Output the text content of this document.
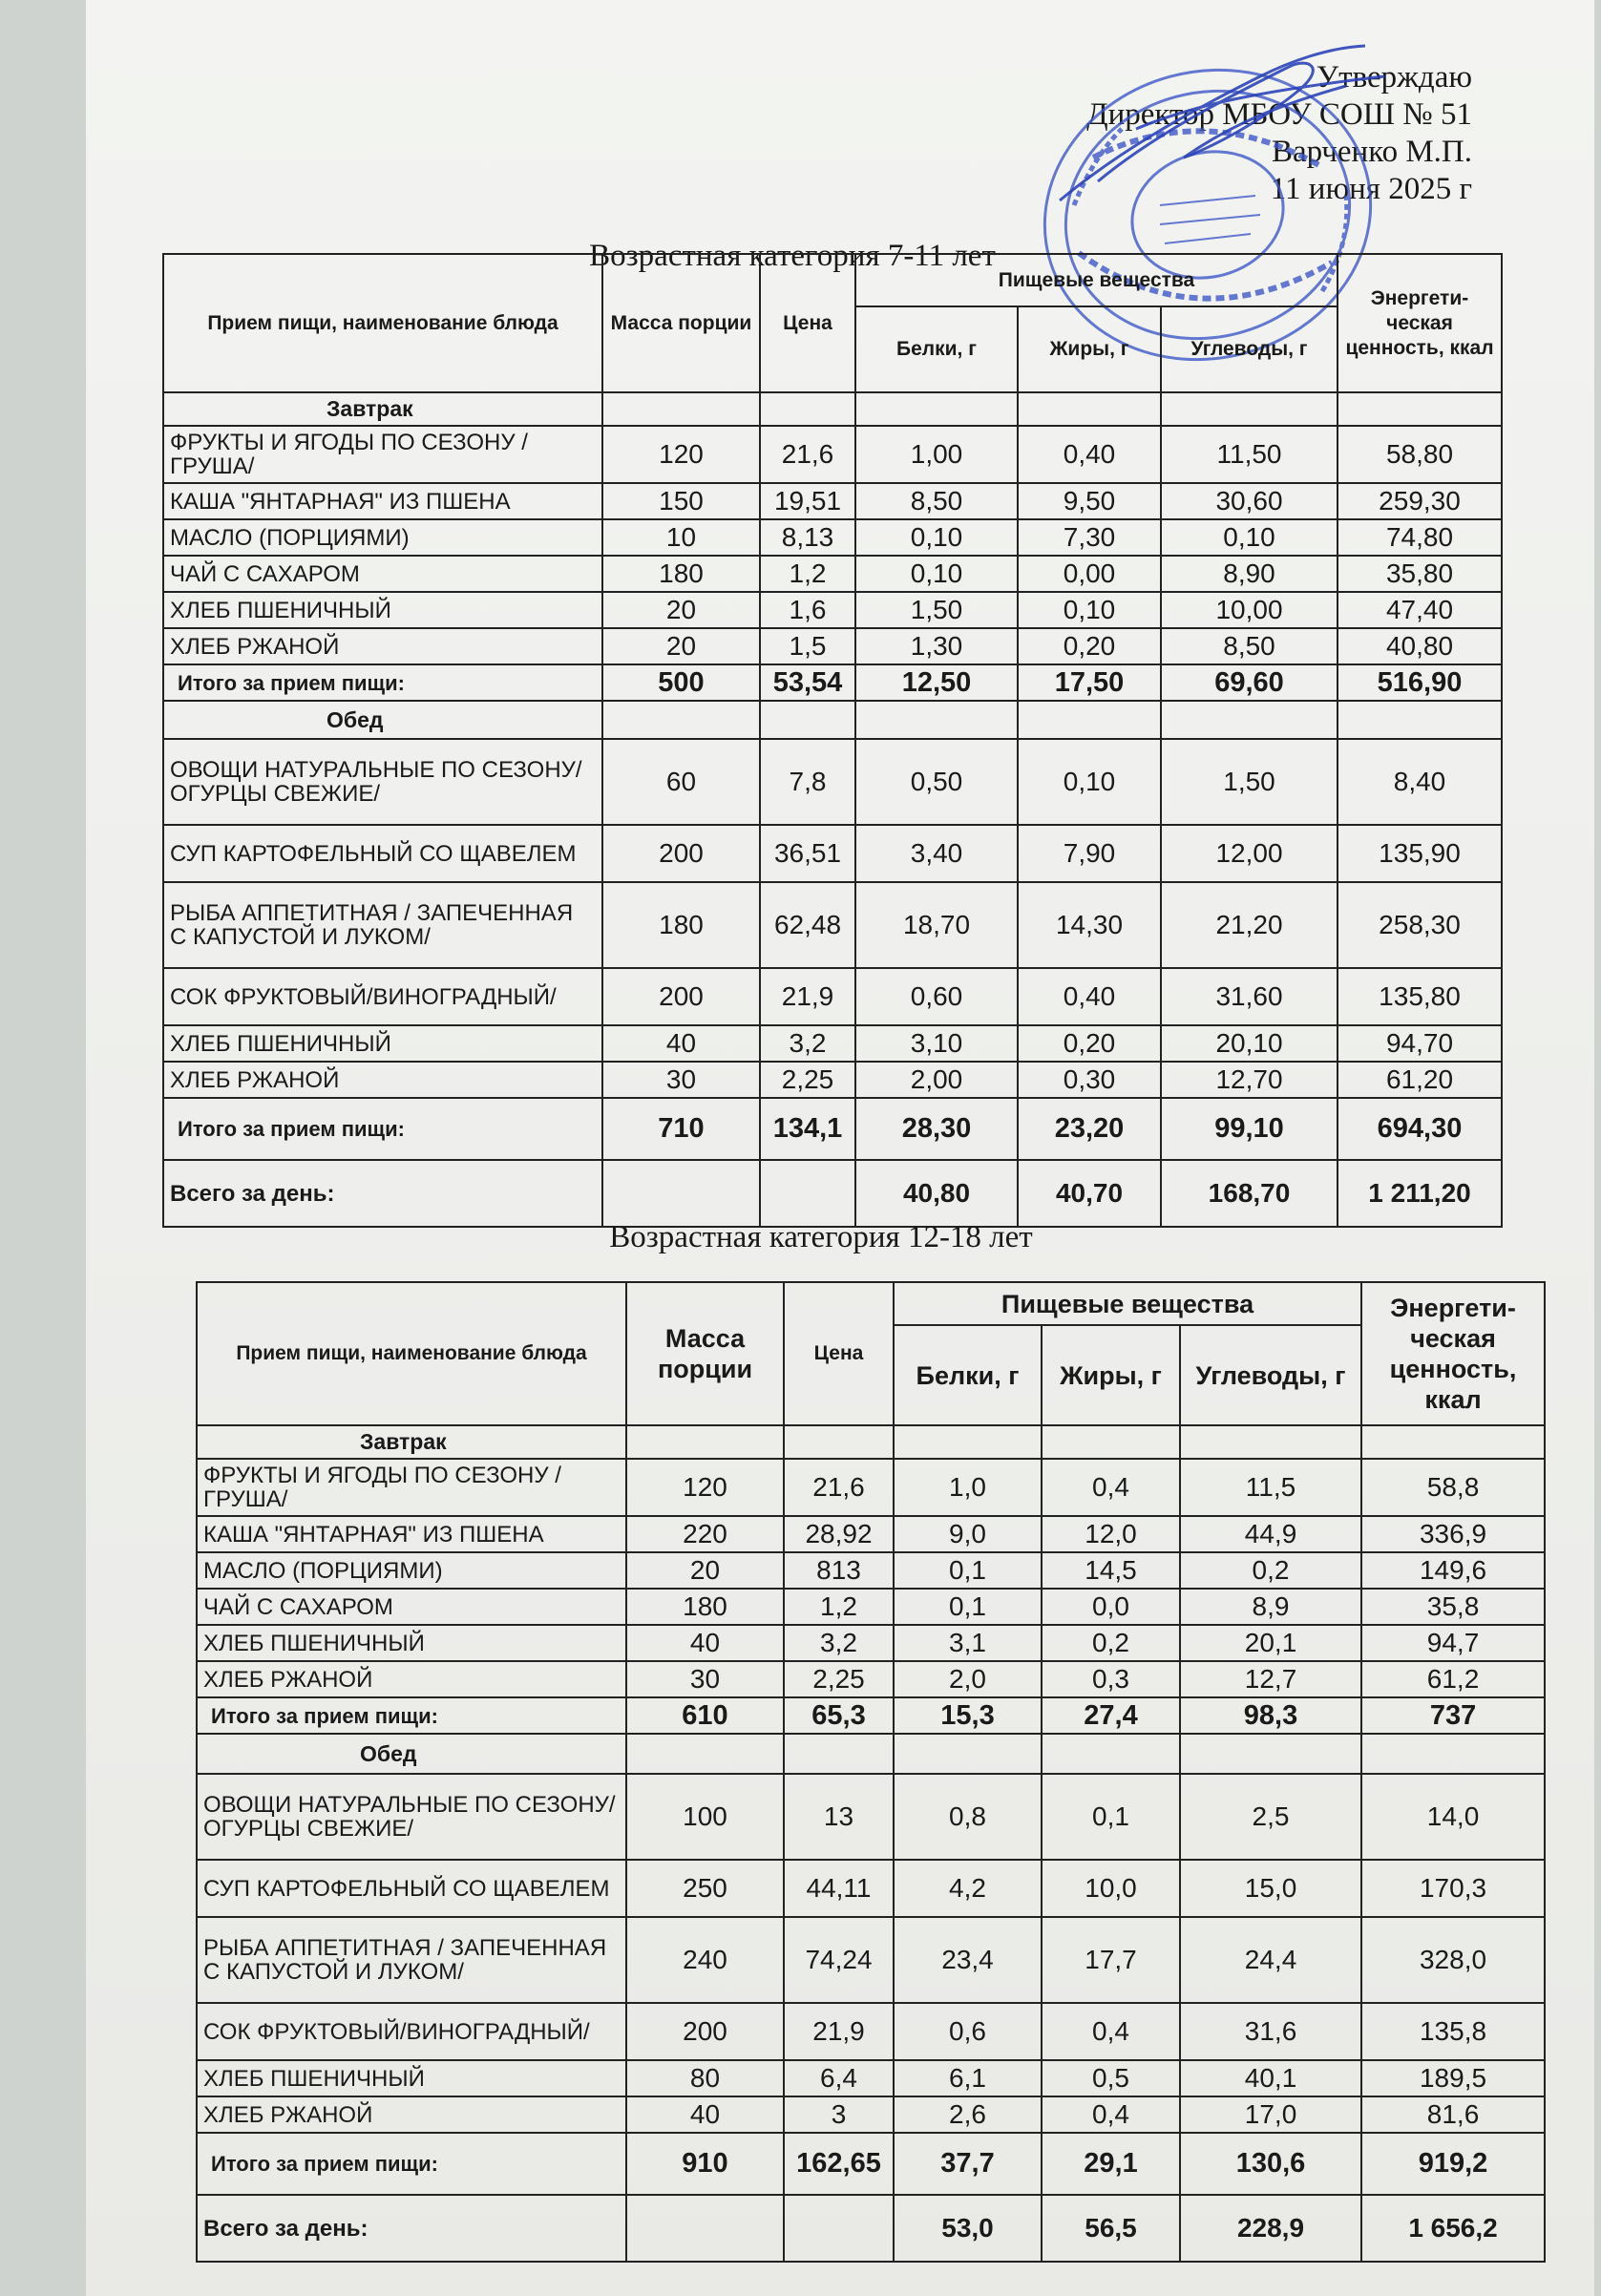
Утверждаю
Директор МБОУ СОШ № 51
Варченко М.П.
11 июня 2025 г
Возрастная категория 7-11 лет
Прием пищи, наименование блюда	Масса порции	Цена	Пищевые вещества			Энергети-ческая ценность, ккал
			Белки, г	Жиры, г	Углеводы, г	
Завтрак						
ФРУКТЫ И ЯГОДЫ ПО СЕЗОНУ /ГРУША/	120	21,6	1,00	0,40	11,50	58,80
КАША "ЯНТАРНАЯ" ИЗ ПШЕНА	150	19,51	8,50	9,50	30,60	259,30
МАСЛО (ПОРЦИЯМИ)	10	8,13	0,10	7,30	0,10	74,80
ЧАЙ С САХАРОМ	180	1,2	0,10	0,00	8,90	35,80
ХЛЕБ ПШЕНИЧНЫЙ	20	1,6	1,50	0,10	10,00	47,40
ХЛЕБ РЖАНОЙ	20	1,5	1,30	0,20	8,50	40,80
Итого за прием пищи:	500	53,54	12,50	17,50	69,60	516,90
Обед						
ОВОЩИ НАТУРАЛЬНЫЕ ПО СЕЗОНУ/ ОГУРЦЫ СВЕЖИЕ/	60	7,8	0,50	0,10	1,50	8,40
СУП КАРТОФЕЛЬНЫЙ СО ЩАВЕЛЕМ	200	36,51	3,40	7,90	12,00	135,90
РЫБА АППЕТИТНАЯ / ЗАПЕЧЕННАЯ С КАПУСТОЙ И ЛУКОМ/	180	62,48	18,70	14,30	21,20	258,30
СОК ФРУКТОВЫЙ/ВИНОГРАДНЫЙ/	200	21,9	0,60	0,40	31,60	135,80
ХЛЕБ ПШЕНИЧНЫЙ	40	3,2	3,10	0,20	20,10	94,70
ХЛЕБ РЖАНОЙ	30	2,25	2,00	0,30	12,70	61,20
Итого за прием пищи:	710	134,1	28,30	23,20	99,10	694,30
Всего за день:			40,80	40,70	168,70	1 211,20
Возрастная категория 12-18 лет
Прием пищи, наименование блюда	Масса порции	Цена	Пищевые вещества			Энергети-ческая ценность, ккал
			Белки, г	Жиры, г	Углеводы, г	
Завтрак						
ФРУКТЫ И ЯГОДЫ ПО СЕЗОНУ /ГРУША/	120	21,6	1,0	0,4	11,5	58,8
КАША "ЯНТАРНАЯ" ИЗ ПШЕНА	220	28,92	9,0	12,0	44,9	336,9
МАСЛО (ПОРЦИЯМИ)	20	813	0,1	14,5	0,2	149,6
ЧАЙ С САХАРОМ	180	1,2	0,1	0,0	8,9	35,8
ХЛЕБ ПШЕНИЧНЫЙ	40	3,2	3,1	0,2	20,1	94,7
ХЛЕБ РЖАНОЙ	30	2,25	2,0	0,3	12,7	61,2
Итого за прием пищи:	610	65,3	15,3	27,4	98,3	737
Обед						
ОВОЩИ НАТУРАЛЬНЫЕ ПО СЕЗОНУ/ ОГУРЦЫ СВЕЖИЕ/	100	13	0,8	0,1	2,5	14,0
СУП КАРТОФЕЛЬНЫЙ СО ЩАВЕЛЕМ	250	44,11	4,2	10,0	15,0	170,3
РЫБА АППЕТИТНАЯ / ЗАПЕЧЕННАЯ С КАПУСТОЙ И ЛУКОМ/	240	74,24	23,4	17,7	24,4	328,0
СОК ФРУКТОВЫЙ/ВИНОГРАДНЫЙ/	200	21,9	0,6	0,4	31,6	135,8
ХЛЕБ ПШЕНИЧНЫЙ	80	6,4	6,1	0,5	40,1	189,5
ХЛЕБ РЖАНОЙ	40	3	2,6	0,4	17,0	81,6
Итого за прием пищи:	910	162,65	37,7	29,1	130,6	919,2
Всего за день:			53,0	56,5	228,9	1 656,2
